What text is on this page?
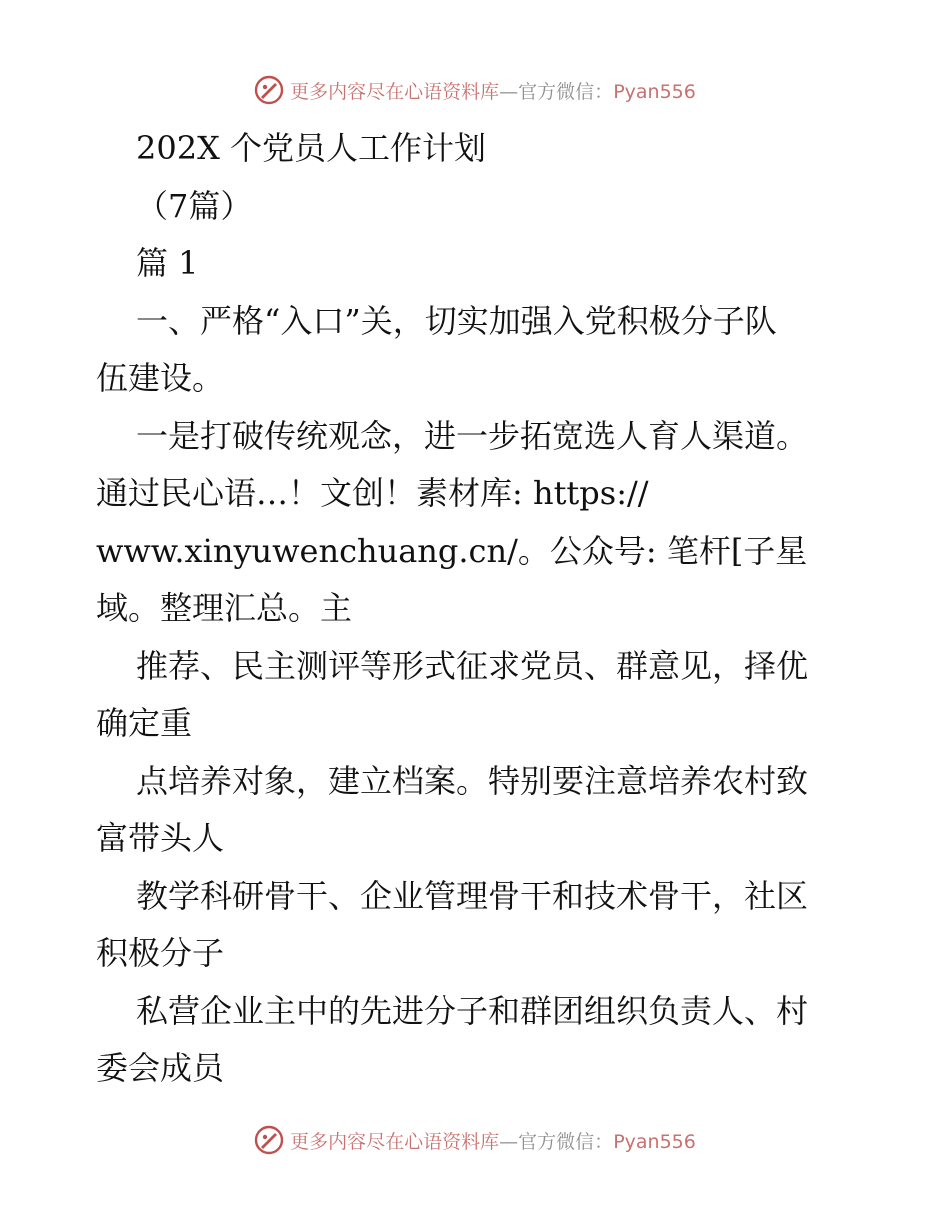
更多内容尽在心语资料库—官方微信：Pyan556
202X 个党员人工作计划
（7篇）
篇 1
一、严格“入口”关，切实加强入党积极分子队
伍建设。
一是打破传统观念，进一步拓宽选人育人渠道。
通过民心语…！文创！素材库: https://
www.xinyuwenchuang.cn/。公众号: 笔杆[子星
域。整理汇总。主
推荐、民主测评等形式征求党员、群意见，择优
确定重
点培养对象，建立档案。特别要注意培养农村致
富带头人
教学科研骨干、企业管理骨干和技术骨干，社区
积极分子
私营企业主中的先进分子和群团组织负责人、村
委会成员
更多内容尽在心语资料库—官方微信：Pyan556
